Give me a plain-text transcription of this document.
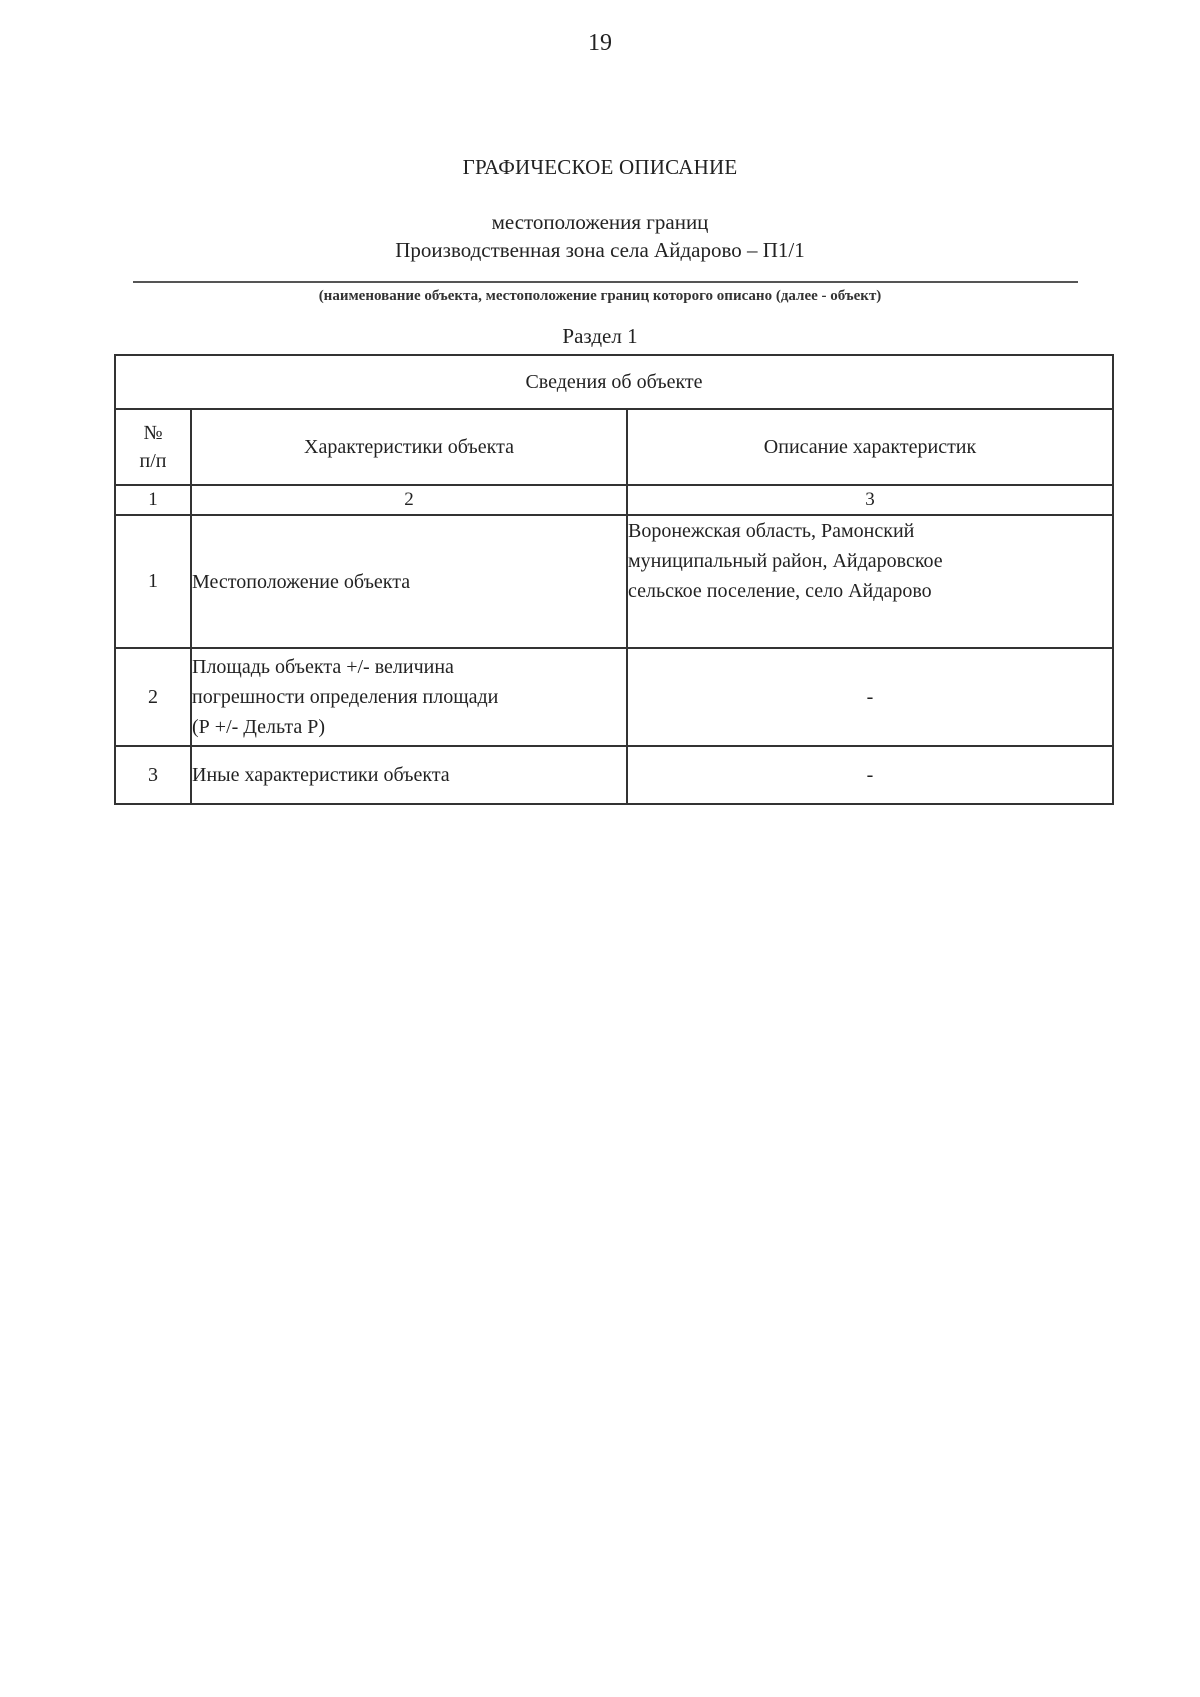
19
ГРАФИЧЕСКОЕ ОПИСАНИЕ
местоположения границ
Производственная зона села Айдарово – П1/1
(наименование объекта, местоположение границ которого описано (далее - объект)
Раздел 1
Сведения об объекте		

№
п/п	Характеристики объекта	Описание характеристик
1	2	3
1	Местоположение объекта	Воронежская область, Рамонский
муниципальный район, Айдаровское
сельское поселение, село Айдарово

2	Площадь объекта +/- величина
погрешности определения площади
(Р +/- Дельта Р)	-

3	Иные характеристики объекта	-
